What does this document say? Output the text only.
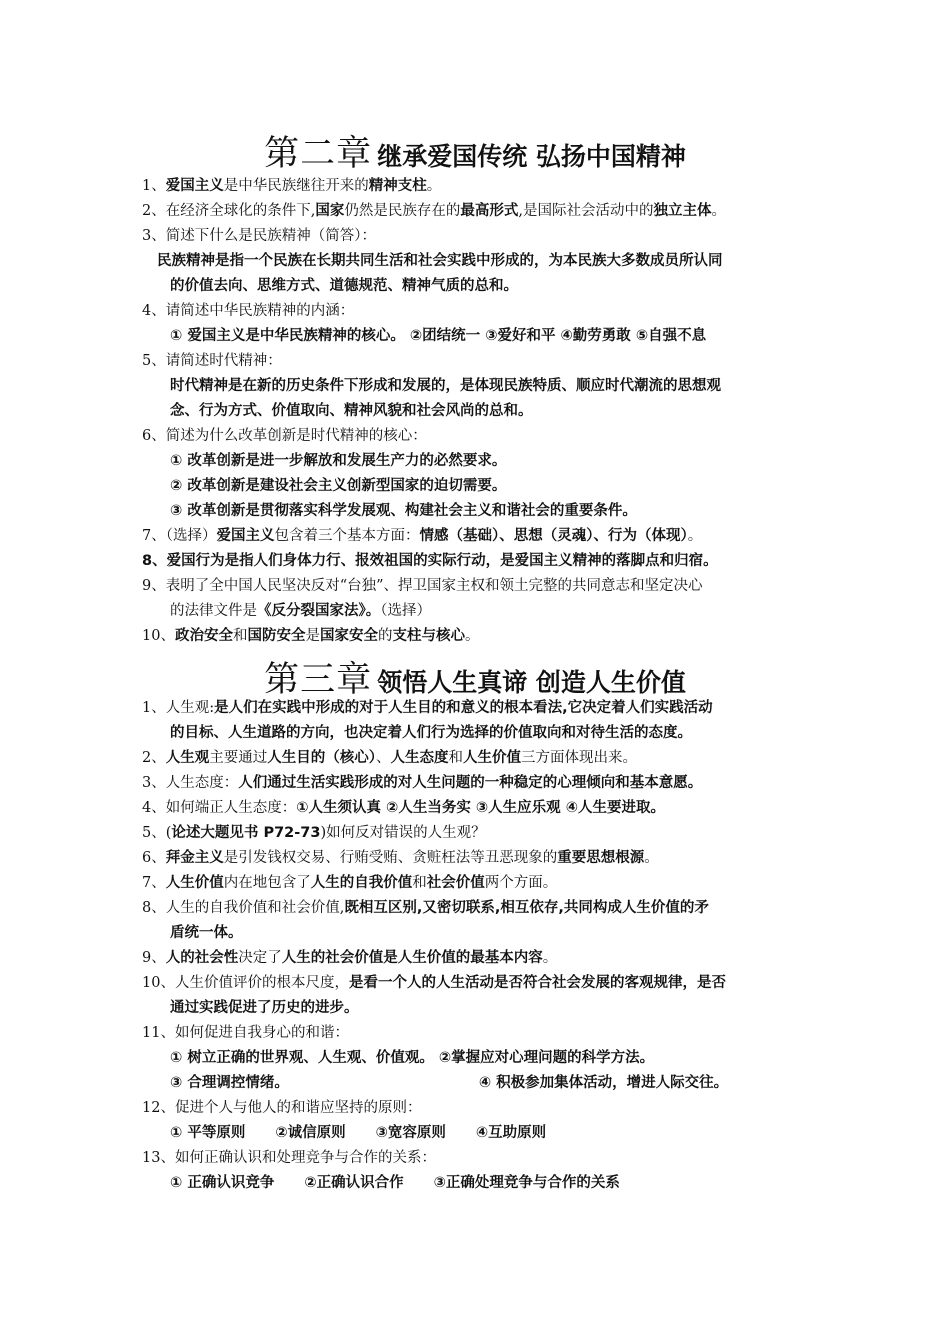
第二章 继承爱国传统 弘扬中国精神
1、爱国主义是中华民族继往开来的精神支柱。
2、在经济全球化的条件下,国家仍然是民族存在的最高形式,是国际社会活动中的独立主体。
3、简述下什么是民族精神（简答）：
民族精神是指一个民族在长期共同生活和社会实践中形成的，为本民族大多数成员所认同
的价值去向、思维方式、道德规范、精神气质的总和。
4、请简述中华民族精神的内涵：
① 爱国主义是中华民族精神的核心。 ②团结统一 ③爱好和平 ④勤劳勇敢 ⑤自强不息
5、请简述时代精神：
时代精神是在新的历史条件下形成和发展的，是体现民族特质、顺应时代潮流的思想观
念、行为方式、价值取向、精神风貌和社会风尚的总和。
6、简述为什么改革创新是时代精神的核心：
① 改革创新是进一步解放和发展生产力的必然要求。
② 改革创新是建设社会主义创新型国家的迫切需要。
③ 改革创新是贯彻落实科学发展观、构建社会主义和谐社会的重要条件。
7、（选择）爱国主义包含着三个基本方面：情感（基础）、思想（灵魂）、行为（体现）。
8、爱国行为是指人们身体力行、报效祖国的实际行动，是爱国主义精神的落脚点和归宿。
9、表明了全中国人民坚决反对“台独”、捍卫国家主权和领土完整的共同意志和坚定决心
的法律文件是《反分裂国家法》。（选择）
10、政治安全和国防安全是国家安全的支柱与核心。
第三章 领悟人生真谛 创造人生价值
1、人生观:是人们在实践中形成的对于人生目的和意义的根本看法,它决定着人们实践活动
的目标、人生道路的方向，也决定着人们行为选择的价值取向和对待生活的态度。
2、人生观主要通过人生目的（核心）、人生态度和人生价值三方面体现出来。
3、人生态度：人们通过生活实践形成的对人生问题的一种稳定的心理倾向和基本意愿。
4、如何端正人生态度：①人生须认真 ②人生当务实 ③人生应乐观 ④人生要进取。
5、(论述大题见书 P72-73)如何反对错误的人生观？
6、拜金主义是引发钱权交易、行贿受贿、贪赃枉法等丑恶现象的重要思想根源。
7、人生价值内在地包含了人生的自我价值和社会价值两个方面。
8、人生的自我价值和社会价值,既相互区别,又密切联系,相互依存,共同构成人生价值的矛
盾统一体。
9、人的社会性决定了人生的社会价值是人生价值的最基本内容。
10、人生价值评价的根本尺度，是看一个人的人生活动是否符合社会发展的客观规律，是否
通过实践促进了历史的进步。
11、如何促进自我身心的和谐：
① 树立正确的世界观、人生观、价值观。 ②掌握应对心理问题的科学方法。
③ 合理调控情绪。	④ 积极参加集体活动，增进人际交往。
12、促进个人与他人的和谐应坚持的原则：
① 平等原则 ②诚信原则 ③宽容原则 ④互助原则
13、如何正确认识和处理竞争与合作的关系：
① 正确认识竞争 ②正确认识合作 ③正确处理竞争与合作的关系
